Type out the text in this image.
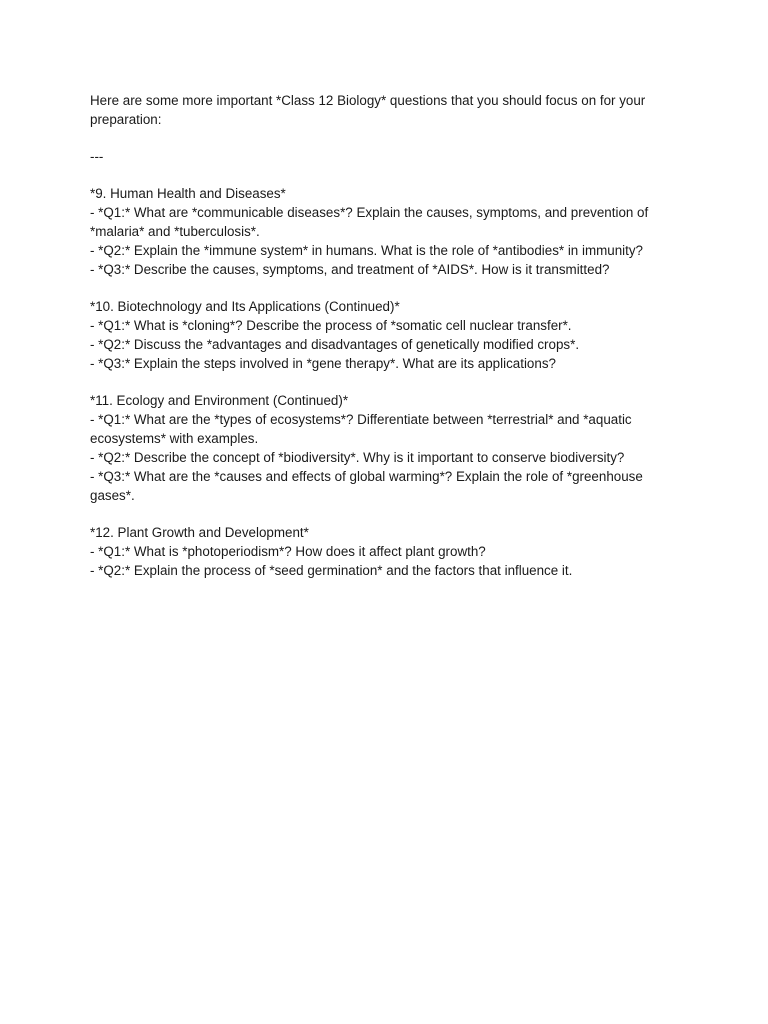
Here are some more important *Class 12 Biology* questions that you should focus on for your preparation:

---

*9. Human Health and Diseases*
- *Q1:* What are *communicable diseases*? Explain the causes, symptoms, and prevention of *malaria* and *tuberculosis*.
- *Q2:* Explain the *immune system* in humans. What is the role of *antibodies* in immunity?
- *Q3:* Describe the causes, symptoms, and treatment of *AIDS*. How is it transmitted?
*10. Biotechnology and Its Applications (Continued)*
- *Q1:* What is *cloning*? Describe the process of *somatic cell nuclear transfer*.
- *Q2:* Discuss the *advantages and disadvantages of genetically modified crops*.
- *Q3:* Explain the steps involved in *gene therapy*. What are its applications?
*11. Ecology and Environment (Continued)*
- *Q1:* What are the *types of ecosystems*? Differentiate between *terrestrial* and *aquatic ecosystems* with examples.
- *Q2:* Describe the concept of *biodiversity*. Why is it important to conserve biodiversity?
- *Q3:* What are the *causes and effects of global warming*? Explain the role of *greenhouse gases*.
*12. Plant Growth and Development*
- *Q1:* What is *photoperiodism*? How does it affect plant growth?
- *Q2:* Explain the process of *seed germination* and the factors that influence it.
